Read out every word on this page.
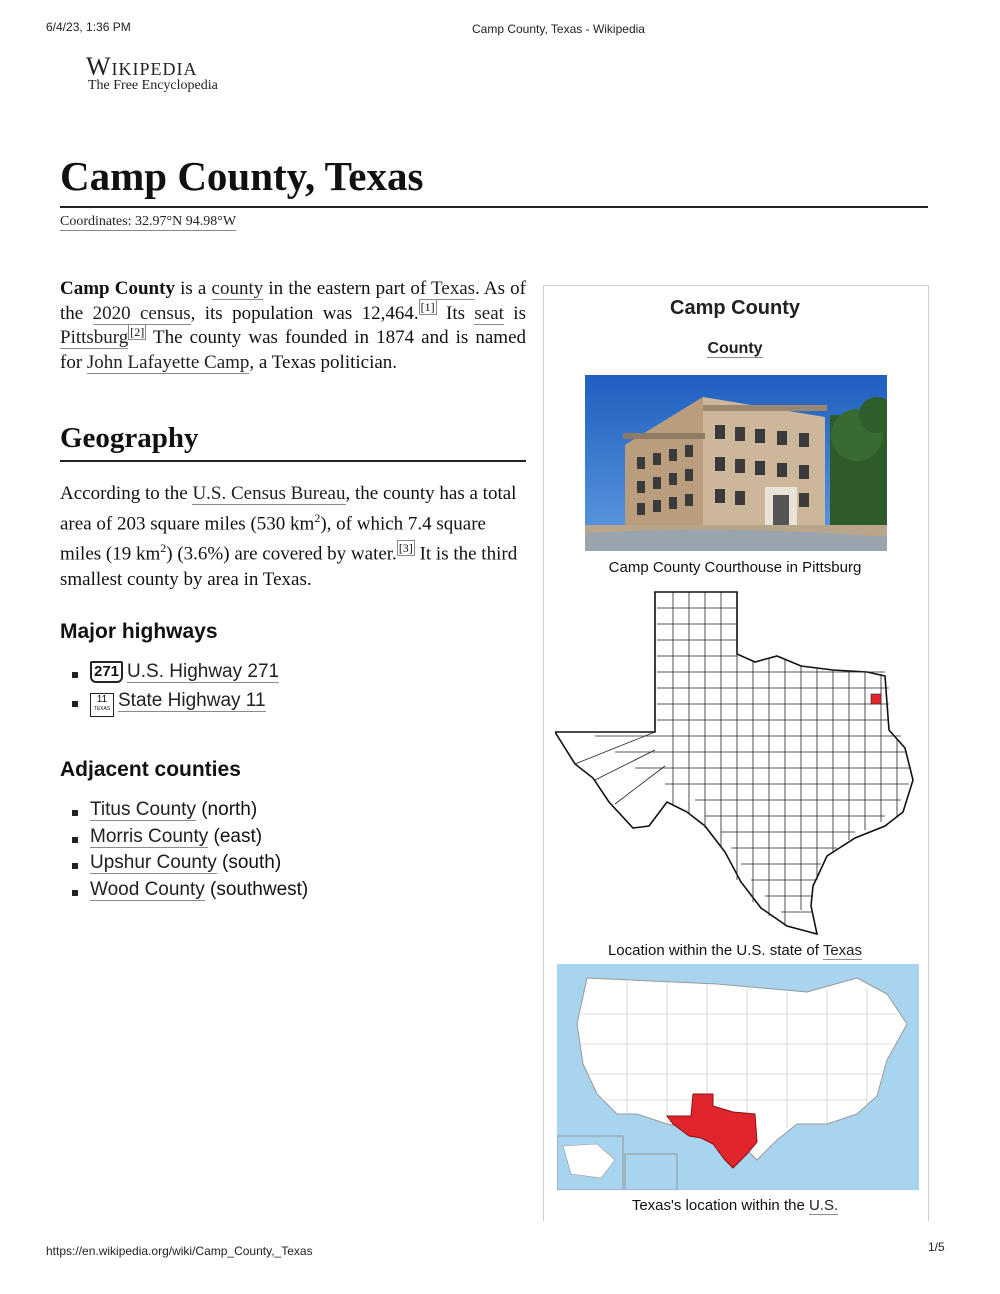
6/4/23, 1:36 PM	Camp County, Texas - Wikipedia
Wikipedia
The Free Encyclopedia
Camp County, Texas
Coordinates: 32.97°N 94.98°W
Camp County is a county in the eastern part of Texas. As of the 2020 census, its population was 12,464. [1] Its seat is Pittsburg [2] The county was founded in 1874 and is named for John Lafayette Camp, a Texas politician.
Geography
According to the U.S. Census Bureau, the county has a total area of 203 square miles (530 $km^2$), of which 7.4 square miles (19 $km^2$) (3.6%) are covered by water. [3] It is the third smallest county by area in Texas.
Major highways
271 U.S. Highway 271
11
TEXAS State Highway 11
Adjacent counties
Titus County (north)
Morris County (east)
Upshur County (south)
Wood County (southwest)
Camp County
County
Camp County Courthouse in Pittsburg
Location within the U.S. state of Texas
Texas's location within the U.S.
https://en.wikipedia.org/wiki/Camp_County,_Texas	1/5
